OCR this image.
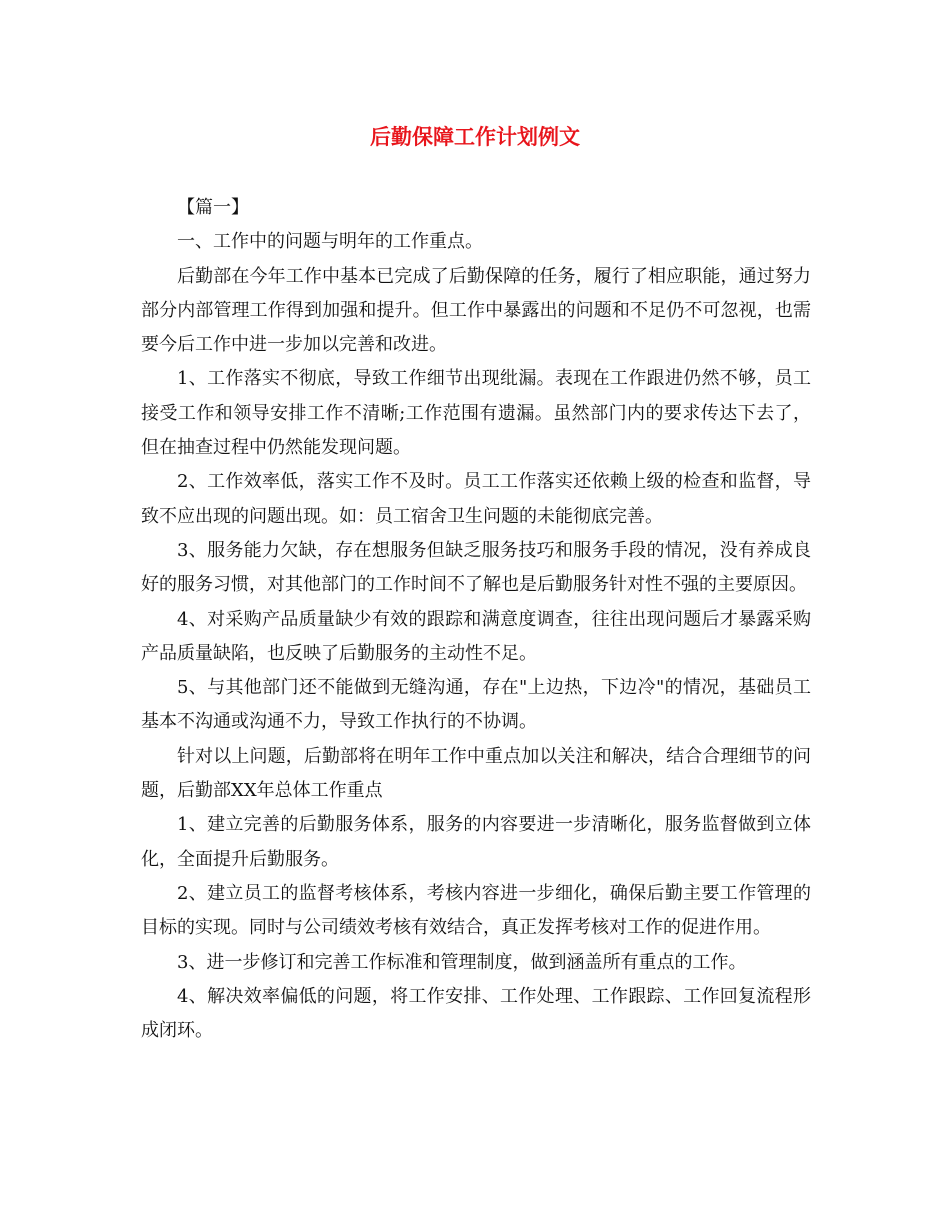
后勤保障工作计划例文

【篇一】

一、工作中的问题与明年的工作重点。

后勤部在今年工作中基本已完成了后勤保障的任务，履行了相应职能，通过努力部分内部管理工作得到加强和提升。但工作中暴露出的问题和不足仍不可忽视，也需要今后工作中进一步加以完善和改进。

1、工作落实不彻底，导致工作细节出现纰漏。表现在工作跟进仍然不够，员工接受工作和领导安排工作不清晰;工作范围有遗漏。虽然部门内的要求传达下去了，但在抽查过程中仍然能发现问题。

2、工作效率低，落实工作不及时。员工工作落实还依赖上级的检查和监督，导致不应出现的问题出现。如：员工宿舍卫生问题的未能彻底完善。

3、服务能力欠缺，存在想服务但缺乏服务技巧和服务手段的情况，没有养成良好的服务习惯，对其他部门的工作时间不了解也是后勤服务针对性不强的主要原因。

4、对采购产品质量缺少有效的跟踪和满意度调查，往往出现问题后才暴露采购产品质量缺陷，也反映了后勤服务的主动性不足。

5、与其他部门还不能做到无缝沟通，存在"上边热，下边冷"的情况，基础员工基本不沟通或沟通不力，导致工作执行的不协调。

针对以上问题，后勤部将在明年工作中重点加以关注和解决，结合合理细节的问题，后勤部XX年总体工作重点

1、建立完善的后勤服务体系，服务的内容要进一步清晰化，服务监督做到立体化，全面提升后勤服务。

2、建立员工的监督考核体系，考核内容进一步细化，确保后勤主要工作管理的目标的实现。同时与公司绩效考核有效结合，真正发挥考核对工作的促进作用。

3、进一步修订和完善工作标准和管理制度，做到涵盖所有重点的工作。

4、解决效率偏低的问题，将工作安排、工作处理、工作跟踪、工作回复流程形成闭环。
